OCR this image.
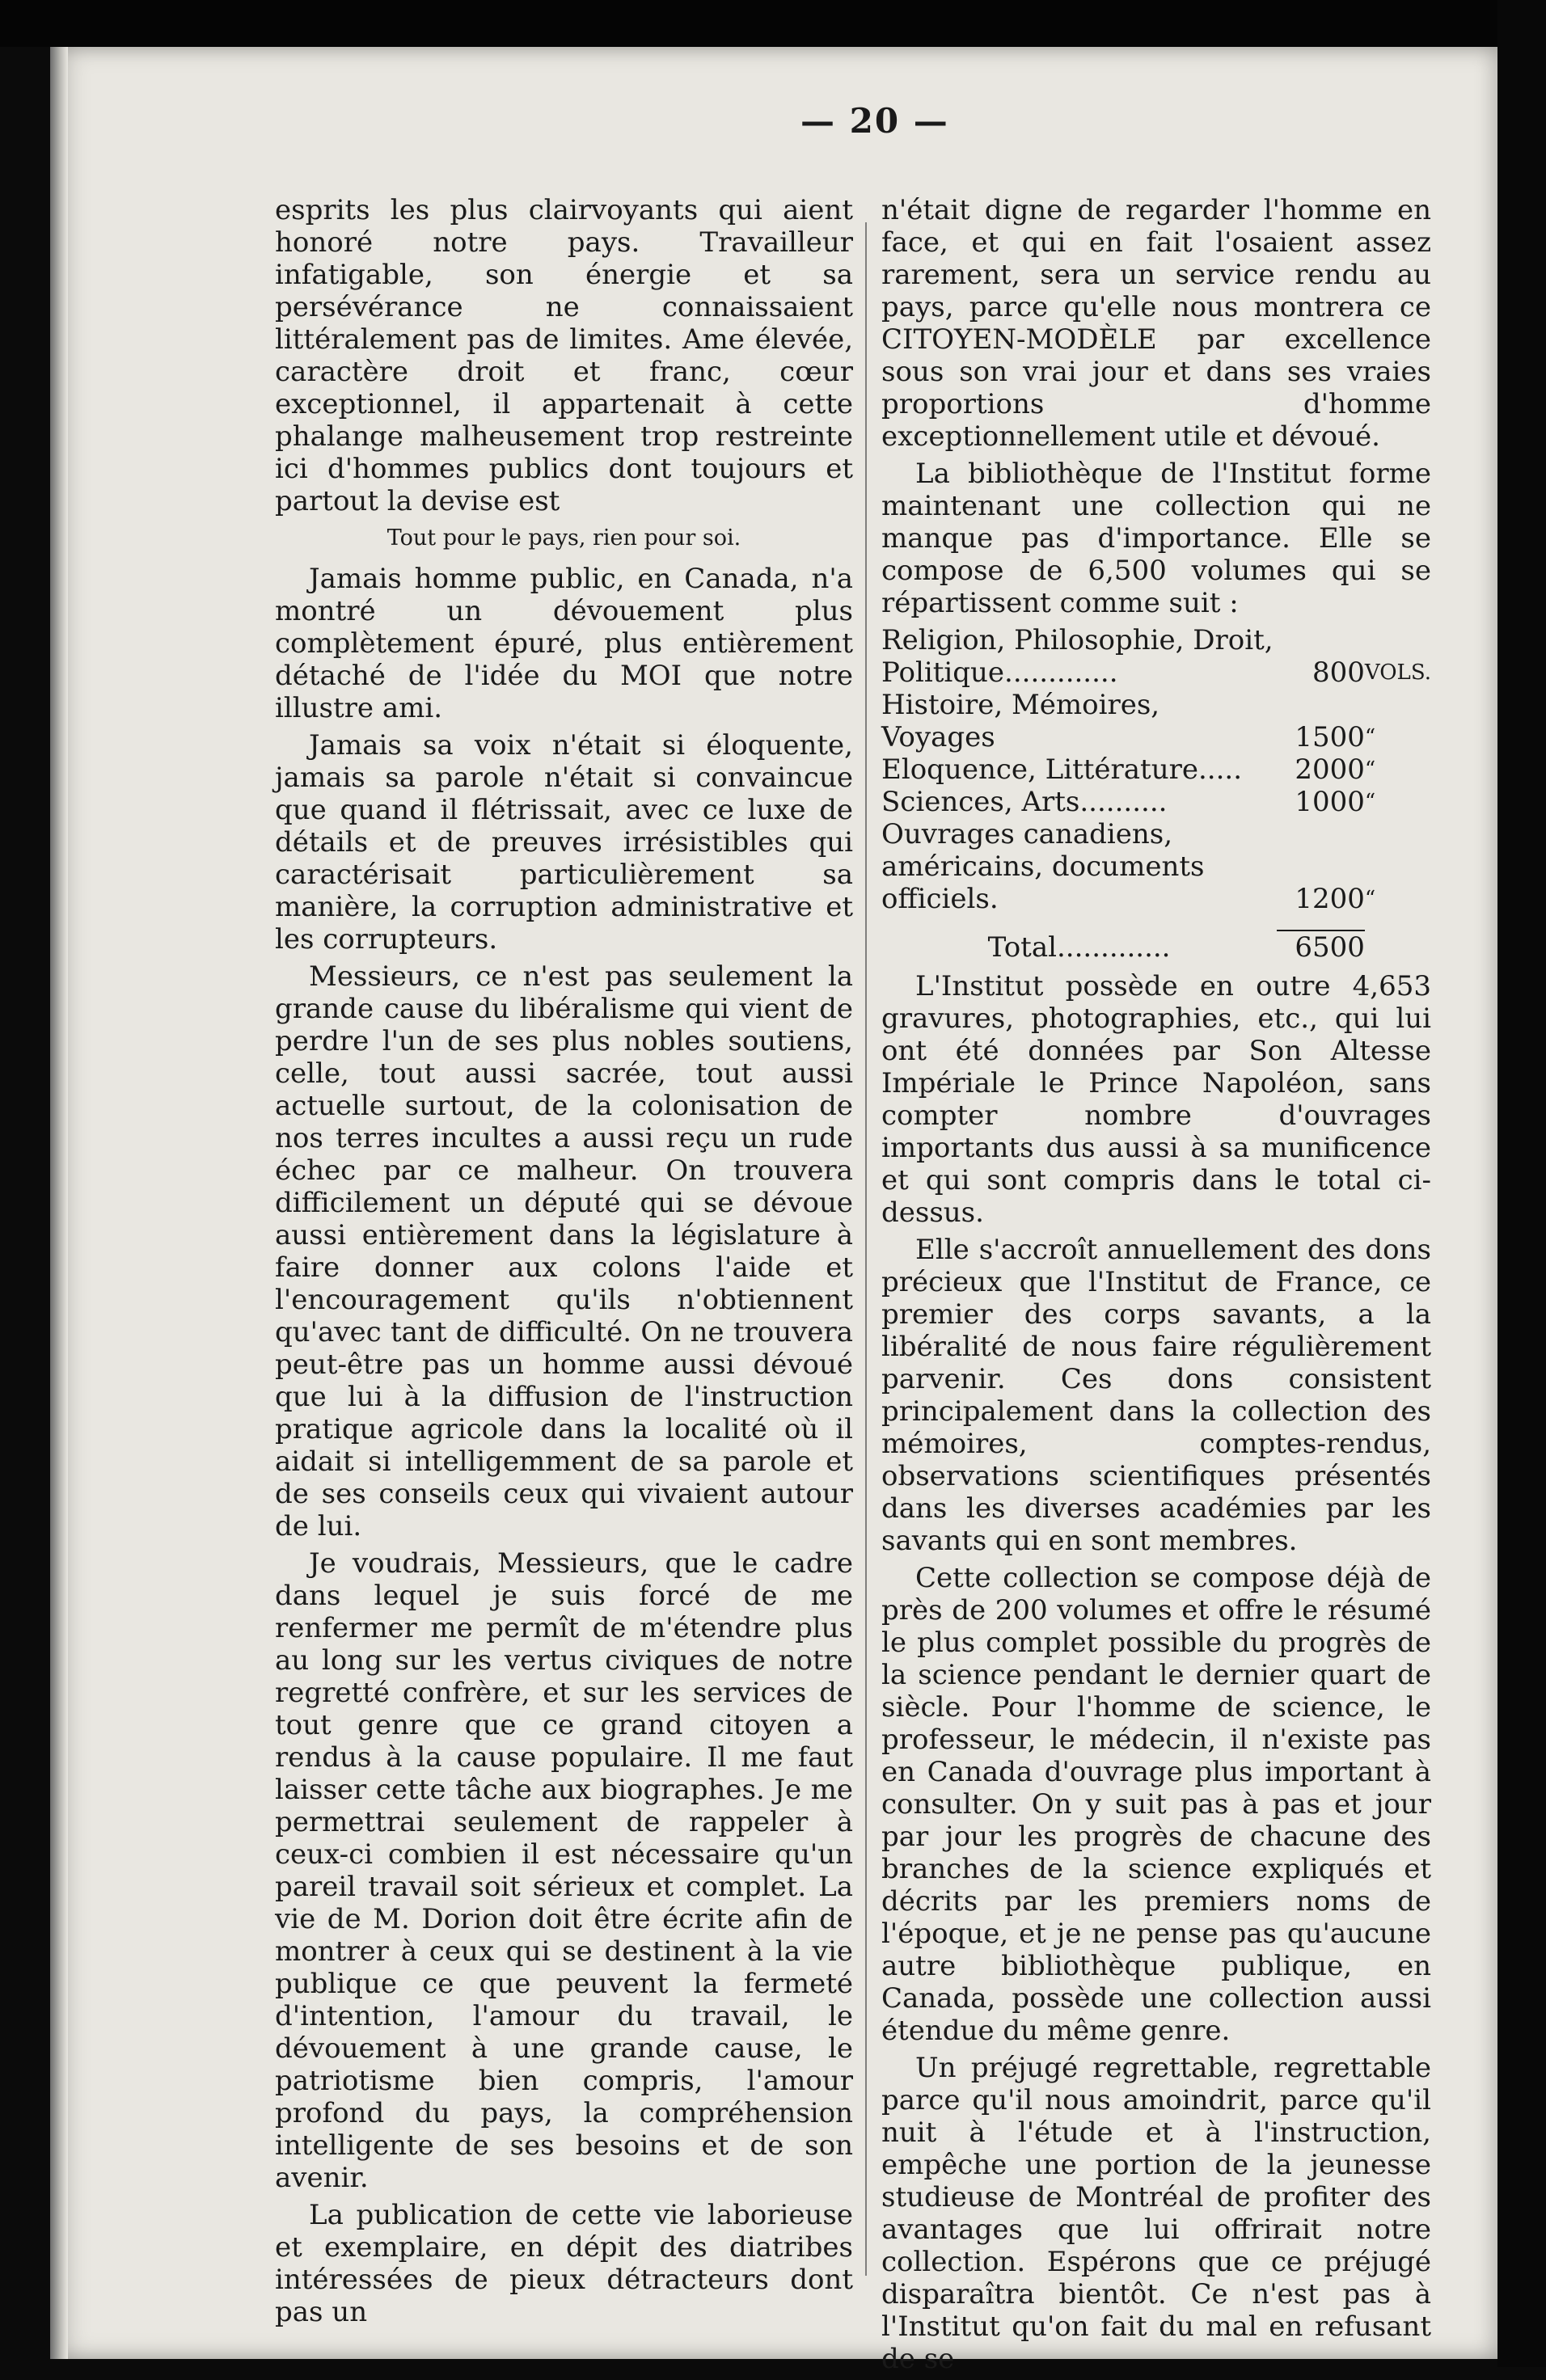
— 20 —

esprits les plus clairvoyants qui aient honoré notre pays. Travailleur infatigable, son énergie et sa persévérance ne connaissaient littéralement pas de limites. Ame élevée, caractère droit et franc, cœur exceptionnel, il appartenait à cette phalange malheusement trop restreinte ici d'hommes publics dont toujours et partout la devise est

Tout pour le pays, rien pour soi.

Jamais homme public, en Canada, n'a montré un dévouement plus complètement épuré, plus entièrement détaché de l'idée du MOI que notre illustre ami.

Jamais sa voix n'était si éloquente, jamais sa parole n'était si convaincue que quand il flétrissait, avec ce luxe de détails et de preuves irrésistibles qui caractérisait particulièrement sa manière, la corruption administrative et les corrupteurs.

Messieurs, ce n'est pas seulement la grande cause du libéralisme qui vient de perdre l'un de ses plus nobles soutiens, celle, tout aussi sacrée, tout aussi actuelle surtout, de la colonisation de nos terres incultes a aussi reçu un rude échec par ce malheur. On trouvera difficilement un député qui se dévoue aussi entièrement dans la législature à faire donner aux colons l'aide et l'encouragement qu'ils n'obtiennent qu'avec tant de difficulté. On ne trouvera peut-être pas un homme aussi dévoué que lui à la diffusion de l'instruction pratique agricole dans la localité où il aidait si intelligemment de sa parole et de ses conseils ceux qui vivaient autour de lui.

Je voudrais, Messieurs, que le cadre dans lequel je suis forcé de me renfermer me permît de m'étendre plus au long sur les vertus civiques de notre regretté confrère, et sur les services de tout genre que ce grand citoyen a rendus à la cause populaire. Il me faut laisser cette tâche aux biographes. Je me permettrai seulement de rappeler à ceux-ci combien il est nécessaire qu'un pareil travail soit sérieux et complet. La vie de M. Dorion doit être écrite afin de montrer à ceux qui se destinent à la vie publique ce que peuvent la fermeté d'intention, l'amour du travail, le dévouement à une grande cause, le patriotisme bien compris, l'amour profond du pays, la compréhension intelligente de ses besoins et de son avenir.

La publication de cette vie laborieuse et exemplaire, en dépit des diatribes intéressées de pieux détracteurs dont pas un

n'était digne de regarder l'homme en face, et qui en fait l'osaient assez rarement, sera un service rendu au pays, parce qu'elle nous montrera ce CITOYEN-MODÈLE par excellence sous son vrai jour et dans ses vraies proportions d'homme exceptionnellement utile et dévoué.

La bibliothèque de l'Institut forme maintenant une collection qui ne manque pas d'importance. Elle se compose de 6,500 volumes qui se répartissent comme suit :

Religion, Philosophie, Droit, Politique.............	800	VOLS.
Histoire, Mémoires, Voyages	1500	“
Eloquence, Littérature.....	2000	“
Sciences, Arts..........	1000	“
Ouvrages canadiens, américains, documents officiels.	1200	“

Total.............	6500	

L'Institut possède en outre 4,653 gravures, photographies, etc., qui lui ont été données par Son Altesse Impériale le Prince Napoléon, sans compter nombre d'ouvrages importants dus aussi à sa munificence et qui sont compris dans le total ci-dessus.

Elle s'accroît annuellement des dons précieux que l'Institut de France, ce premier des corps savants, a la libéralité de nous faire régulièrement parvenir. Ces dons consistent principalement dans la collection des mémoires, comptes-rendus, observations scientifiques présentés dans les diverses académies par les savants qui en sont membres.

Cette collection se compose déjà de près de 200 volumes et offre le résumé le plus complet possible du progrès de la science pendant le dernier quart de siècle. Pour l'homme de science, le professeur, le médecin, il n'existe pas en Canada d'ouvrage plus important à consulter. On y suit pas à pas et jour par jour les progrès de chacune des branches de la science expliqués et décrits par les premiers noms de l'époque, et je ne pense pas qu'aucune autre bibliothèque publique, en Canada, possède une collection aussi étendue du même genre.

Un préjugé regrettable, regrettable parce qu'il nous amoindrit, parce qu'il nuit à l'étude et à l'instruction, empêche une portion de la jeunesse studieuse de Montréal de profiter des avantages que lui offrirait notre collection. Espérons que ce préjugé disparaîtra bientôt. Ce n'est pas à l'Institut qu'on fait du mal en refusant de se
